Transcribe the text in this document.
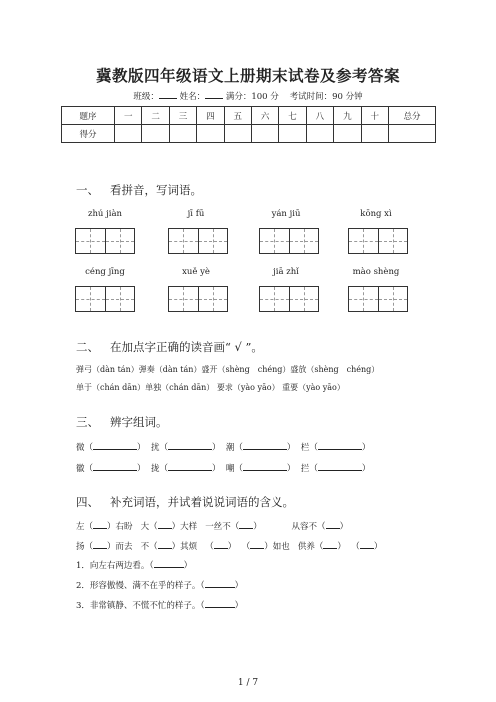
冀教版四年级语文上册期末试卷及参考答案
班级： 姓名： 满分：100 分 考试时间：90 分钟
题序	一	二	三	四	五	六	七	八	九	十	总分
得分											
一、 看拼音，写词语。
zhú jiàn	jī fū	yán jiū	kōng xì
céng jīng	xuě yè	jiā zhǐ	mào shèng
二、 在加点字正确的读音画“ √ ”。
弹弓（dàn tán）弹奏（dàn tán）盛开（shèng　chéng）盛放（shèng　chéng）
单于（chán dān）单独（chán dān） 要求（yào yāo） 重要（yào yāo）
三、 辨字组词。
微（	）  扰（	）  潮（	）  栏（	）
徽（	）  拢（	）  嘲（	）  拦（	）
四、 补充词语，并试着说说词语的含义。
左（ ）右盼 大（ ）大样 一丝不（ ）	从容不（ ）
扬（ ）而去 不（ ）其烦 （ ） （ ）如也 供养（ ） （ ）
1．向左右两边看。（	）
2．形容傲慢、满不在乎的样子。（	）
3．非常镇静、不慌不忙的样子。（	）
1 / 7
